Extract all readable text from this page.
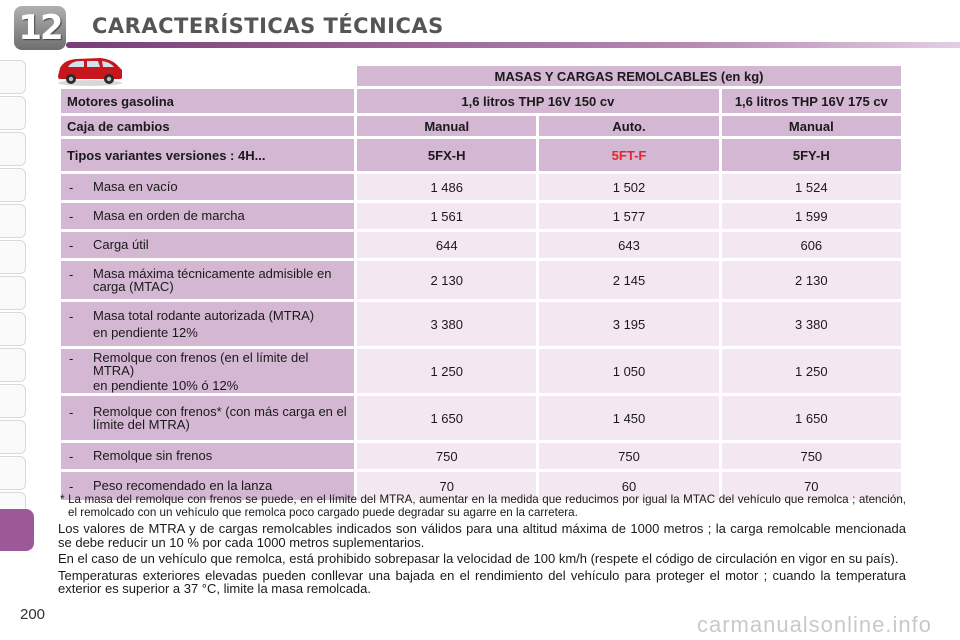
12 CARACTERÍSTICAS TÉCNICAS
	MASAS Y CARGAS REMOLCABLES (en kg)		
Motores gasolina	1,6 litros THP 16V 150 cv		1,6 litros THP 16V 175 cv
Caja de cambios	Manual	Auto.	Manual
Tipos variantes versiones : 4H...	5FX-H	5FT-F	5FY-H

- Masa en vacío	1 486	1 502	1 524

- Masa en orden de marcha	1 561	1 577	1 599

- Carga útil	644	643	606

- Masa máxima técnicamente admisible en carga (MTAC)	2 130	2 145	2 130

- Masa total rodante autorizada (MTRA)
en pendiente 12%	3 380	3 195	3 380

- Remolque con frenos (en el límite del MTRA)
en pendiente 10% ó 12%	1 250	1 050	1 250

- Remolque con frenos* (con más carga en el límite del MTRA)	1 650	1 450	1 650

- Remolque sin frenos	750	750	750

- Peso recomendado en la lanza	70	60	70

* La masa del remolque con frenos se puede, en el límite del MTRA, aumentar en la medida que reducimos por igual la MTAC del vehículo que remolca ; atención, el remolcado con un vehículo que remolca poco cargado puede degradar su agarre en la carretera.

Los valores de MTRA y de cargas remolcables indicados son válidos para una altitud máxima de 1000 metros ; la carga remolcable mencionada se debe reducir un 10 % por cada 1000 metros suplementarios.

En el caso de un vehículo que remolca, está prohibido sobrepasar la velocidad de 100 km/h (respete el código de circulación en vigor en su país).

Temperaturas exteriores elevadas pueden conllevar una bajada en el rendimiento del vehículo para proteger el motor ; cuando la temperatura exterior es superior a 37 °C, limite la masa remolcada.

200	carmanualsonline.info
